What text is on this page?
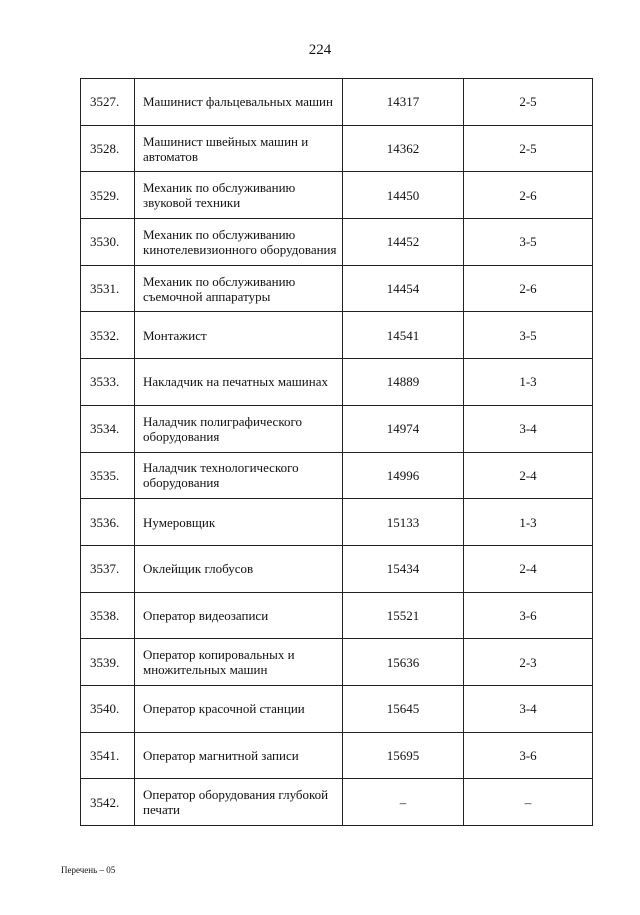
224
3527.	Машинист фальцевальных машин	14317	2-5
3528.	Машинист швейных машин и автоматов	14362	2-5
3529.	Механик по обслуживанию звуковой техники	14450	2-6
3530.	Механик по обслуживанию кинотелевизионного оборудования	14452	3-5
3531.	Механик по обслуживанию съемочной аппаратуры	14454	2-6
3532.	Монтажист	14541	3-5
3533.	Накладчик на печатных машинах	14889	1-3
3534.	Наладчик полиграфического оборудования	14974	3-4
3535.	Наладчик технологического оборудования	14996	2-4
3536.	Нумеровщик	15133	1-3
3537.	Оклейщик глобусов	15434	2-4
3538.	Оператор видеозаписи	15521	3-6
3539.	Оператор копировальных и множительных машин	15636	2-3
3540.	Оператор красочной станции	15645	3-4
3541.	Оператор магнитной записи	15695	3-6
3542.	Оператор оборудования глубокой печати	–	–
Перечень – 05
